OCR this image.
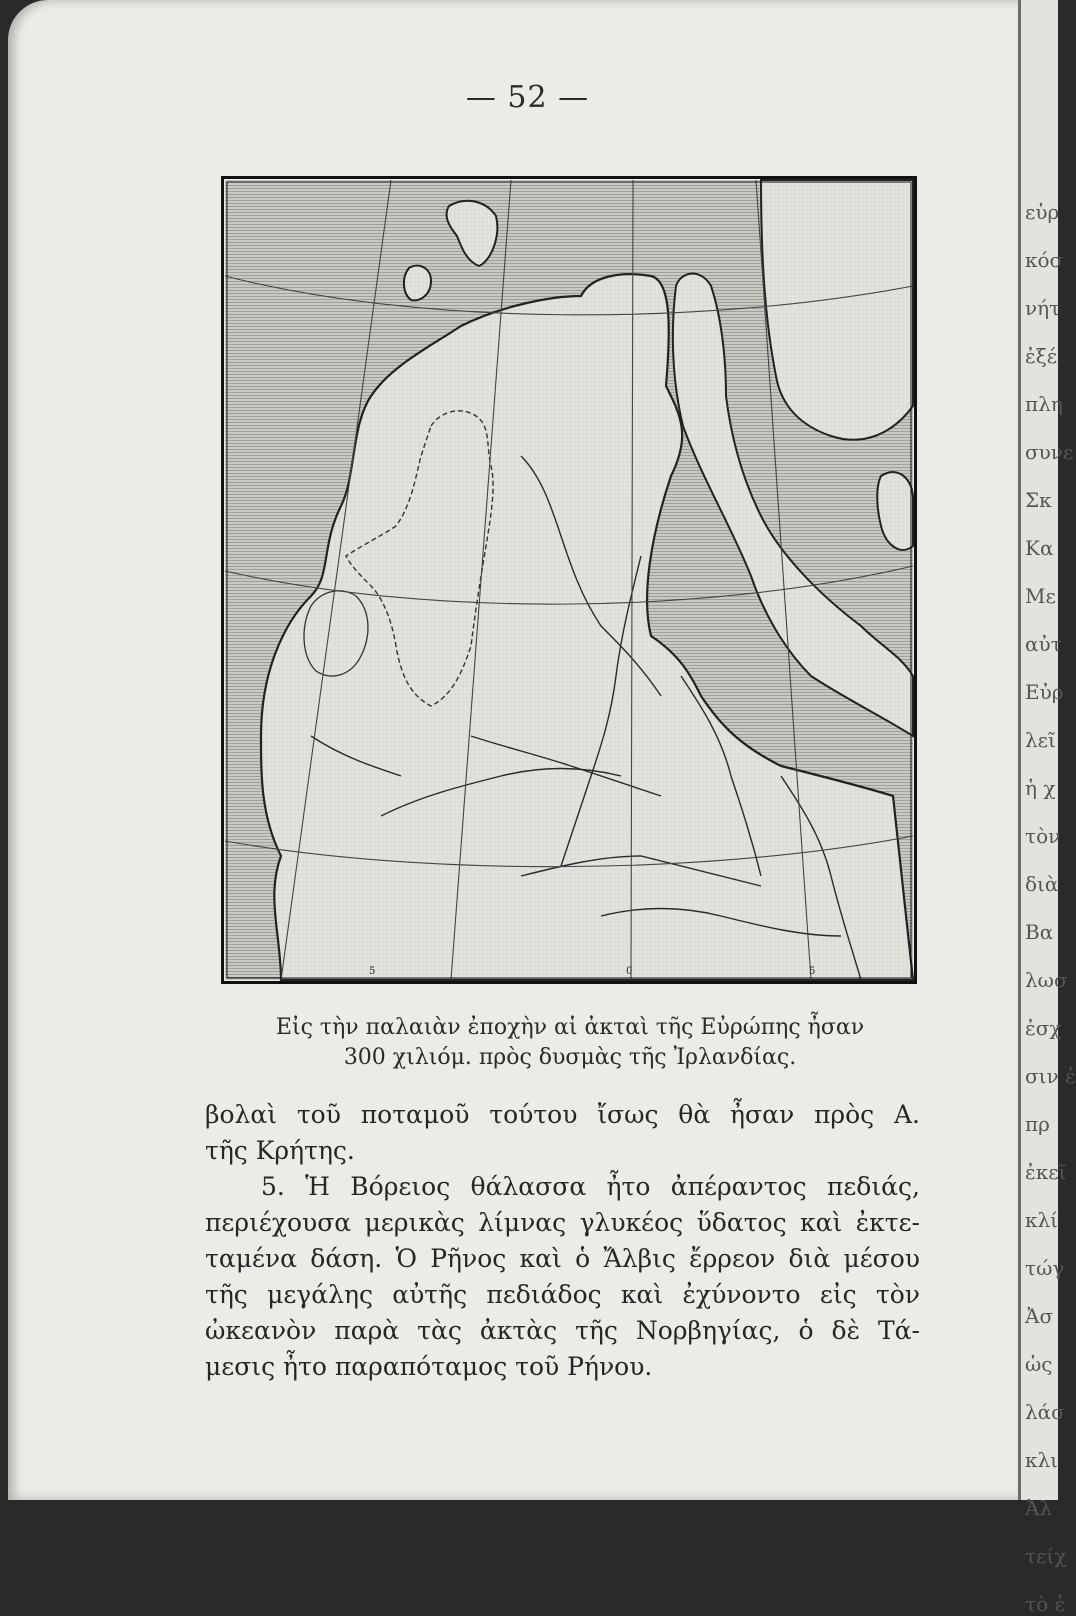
εὑρ
κόσ
νήτ
ἐξέ
πλη
συνε
Σκ
Κα
Με
αὐτ
Εὐρ
λεῖ
ἡ χ
τὸν
διὰ
Βα
λωσ
ἐσχ
σιν ἐ
πρ
ἐκεῖ
κλί
τώγ
Ἀσ
ὡς
λάσ
κλι
Ἀλ
τείχ
τὸ ἐ
— 52 —
5	0	5
Εἰς τὴν παλαιὰν ἐποχὴν αἱ ἀκταὶ τῆς Εὐρώπης ἦσαν
300 χιλιόμ. πρὸς δυσμὰς τῆς Ἰρλανδίας.

βολαὶ τοῦ ποταμοῦ τούτου ἴσως θὰ ἦσαν πρὸς Α.

τῆς Κρήτης.

5. Ἡ Βόρειος θάλασσα ἦτο ἀπέραντος πεδιάς,

περιέχουσα μερικὰς λίμνας γλυκέος ὕδατος καὶ ἐκτε-

ταμένα δάση. Ὁ Ρῆνος καὶ ὁ Ἄλβις ἔρρεον διὰ μέσου

τῆς μεγάλης αὐτῆς πεδιάδος καὶ ἐχύνοντο εἰς τὸν

ὠκεανὸν παρὰ τὰς ἀκτὰς τῆς Νορβηγίας, ὁ δὲ Τά-

μεσις ἦτο παραπόταμος τοῦ Ρήνου.
